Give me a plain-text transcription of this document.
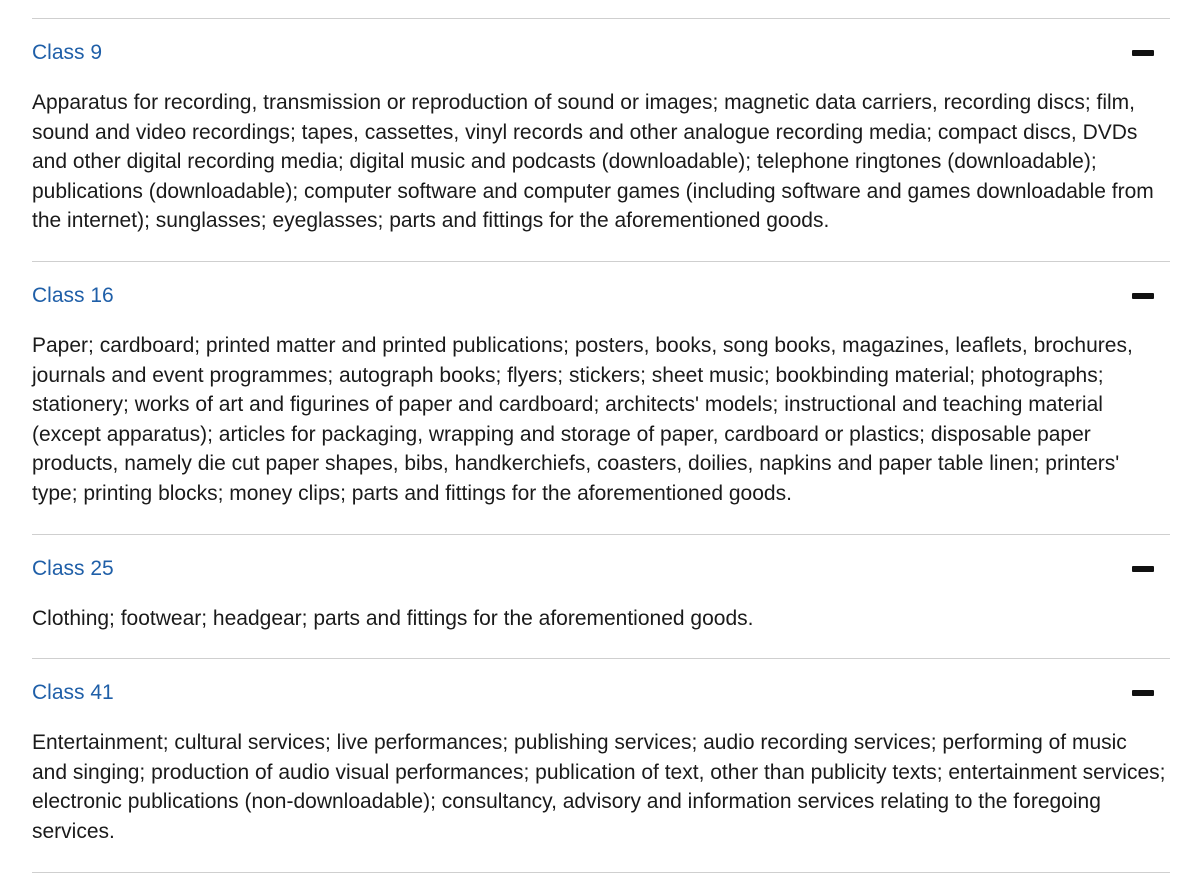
Class 9

Apparatus for recording, transmission or reproduction of sound or images; magnetic data carriers, recording discs; film, sound and video recordings; tapes, cassettes, vinyl records and other analogue recording media; compact discs, DVDs and other digital recording media; digital music and podcasts (downloadable); telephone ringtones (downloadable); publications (downloadable); computer software and computer games (including software and games downloadable from the internet); sunglasses; eyeglasses; parts and fittings for the aforementioned goods.

Class 16

Paper; cardboard; printed matter and printed publications; posters, books, song books, magazines, leaflets, brochures, journals and event programmes; autograph books; flyers; stickers; sheet music; bookbinding material; photographs; stationery; works of art and figurines of paper and cardboard; architects' models; instructional and teaching material (except apparatus); articles for packaging, wrapping and storage of paper, cardboard or plastics; disposable paper products, namely die cut paper shapes, bibs, handkerchiefs, coasters, doilies, napkins and paper table linen; printers' type; printing blocks; money clips; parts and fittings for the aforementioned goods.

Class 25

Clothing; footwear; headgear; parts and fittings for the aforementioned goods.

Class 41

Entertainment; cultural services; live performances; publishing services; audio recording services; performing of music and singing; production of audio visual performances; publication of text, other than publicity texts; entertainment services; electronic publications (non-downloadable); consultancy, advisory and information services relating to the foregoing services.
